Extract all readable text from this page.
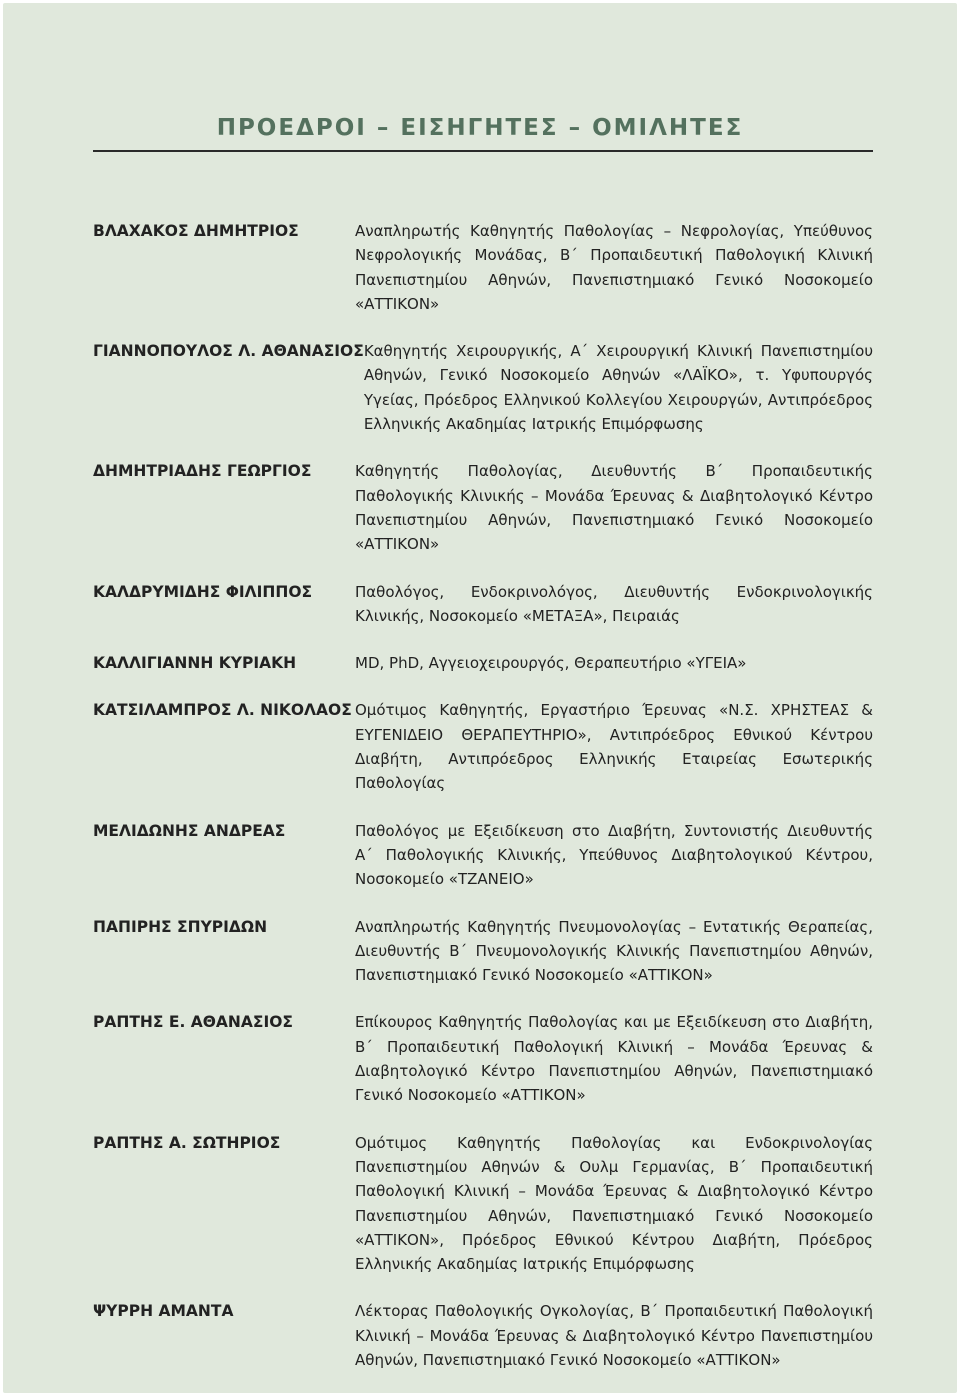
ΠΡΟΕΔΡΟΙ – ΕΙΣΗΓΗΤΕΣ – ΟΜΙΛΗΤΕΣ
ΒΛΑΧΑΚΟΣ ΔΗΜΗΤΡΙΟΣ	Αναπληρωτής Καθηγητής Παθολογίας – Νεφρολογίας, Υπεύθυνος Νεφρολογικής Μονάδας, Β΄ Προπαιδευτική Παθολογική Κλινική Πανεπιστημίου Αθηνών, Πανεπιστημιακό Γενικό Νοσοκομείο «ΑΤΤΙΚΟΝ»
ΓΙΑΝΝΟΠΟΥΛΟΣ Λ. ΑΘΑΝΑΣΙΟΣ Καθηγητής Χειρουργικής, Α΄ Χειρουργική Κλινική Πανεπιστημίου Αθηνών, Γενικό Νοσοκομείο Αθηνών «ΛΑΪΚΟ», τ. Υφυπουργός Υγείας, Πρόεδρος Ελληνικού Κολλεγίου Χειρουργών, Αντιπρόεδρος Ελληνικής Ακαδημίας Ιατρικής Επιμόρφωσης
ΔΗΜΗΤΡΙΑΔΗΣ ΓΕΩΡΓΙΟΣ	Καθηγητής Παθολογίας, Διευθυντής Β΄ Προπαιδευτικής Παθολογικής Κλινικής – Μονάδα Έρευνας & Διαβητολογικό Κέντρο Πανεπιστημίου Αθηνών, Πανεπιστημιακό Γενικό Νοσοκομείο «ΑΤΤΙΚΟΝ»
ΚΑΛΔΡΥΜΙΔΗΣ ΦΙΛΙΠΠΟΣ	Παθολόγος, Ενδοκρινολόγος, Διευθυντής Ενδοκρινολογικής Κλινικής, Νοσοκομείο «ΜΕΤΑΞΑ», Πειραιάς
ΚΑΛΛΙΓΙΑΝΝΗ ΚΥΡΙΑΚΗ	MD, PhD, Αγγειοχειρουργός, Θεραπευτήριο «ΥΓΕΙΑ»
ΚΑΤΣΙΛΑΜΠΡΟΣ Λ. ΝΙΚΟΛΑΟΣ Ομότιμος Καθηγητής, Εργαστήριο Έρευνας «Ν.Σ. ΧΡΗΣΤΕΑΣ & ΕΥΓΕΝΙΔΕΙΟ ΘΕΡΑΠΕΥΤΗΡΙΟ», Αντιπρόεδρος Εθνικού Κέντρου Διαβήτη, Αντιπρόεδρος Ελληνικής Εταιρείας Εσωτερικής Παθολογίας
ΜΕΛΙΔΩΝΗΣ ΑΝΔΡΕΑΣ	Παθολόγος με Εξειδίκευση στο Διαβήτη, Συντονιστής Διευθυντής Α΄ Παθολογικής Κλινικής, Υπεύθυνος Διαβητολογικού Κέντρου, Νοσοκομείο «ΤΖΑΝΕΙΟ»
ΠΑΠΙΡΗΣ ΣΠΥΡΙΔΩΝ	Αναπληρωτής Καθηγητής Πνευμονολογίας – Εντατικής Θεραπείας, Διευθυντής Β΄ Πνευμονολογικής Κλινικής Πανεπιστημίου Αθηνών, Πανεπιστημιακό Γενικό Νοσοκομείο «ΑΤΤΙΚΟΝ»
ΡΑΠΤΗΣ Ε. ΑΘΑΝΑΣΙΟΣ	Επίκουρος Καθηγητής Παθολογίας και με Εξειδίκευση στο Διαβήτη, Β΄ Προπαιδευτική Παθολογική Κλινική – Μονάδα Έρευνας & Διαβητολογικό Κέντρο Πανεπιστημίου Αθηνών, Πανεπιστημιακό Γενικό Νοσοκομείο «ΑΤΤΙΚΟΝ»
ΡΑΠΤΗΣ Α. ΣΩΤΗΡΙΟΣ	Ομότιμος Καθηγητής Παθολογίας και Ενδοκρινολογίας Πανεπιστημίου Αθηνών & Ουλμ Γερμανίας, Β΄ Προπαιδευτική Παθολογική Κλινική – Μονάδα Έρευνας & Διαβητολογικό Κέντρο Πανεπιστημίου Αθηνών, Πανεπιστημιακό Γενικό Νοσοκομείο «ΑΤΤΙΚΟΝ», Πρόεδρος Εθνικού Κέντρου Διαβήτη, Πρόεδρος Ελληνικής Ακαδημίας Ιατρικής Επιμόρφωσης
ΨΥΡΡΗ ΑΜΑΝΤΑ	Λέκτορας Παθολογικής Ογκολογίας, Β΄ Προπαιδευτική Παθολογική Κλινική – Μονάδα Έρευνας & Διαβητολογικό Κέντρο Πανεπιστημίου Αθηνών, Πανεπιστημιακό Γενικό Νοσοκομείο «ΑΤΤΙΚΟΝ»
